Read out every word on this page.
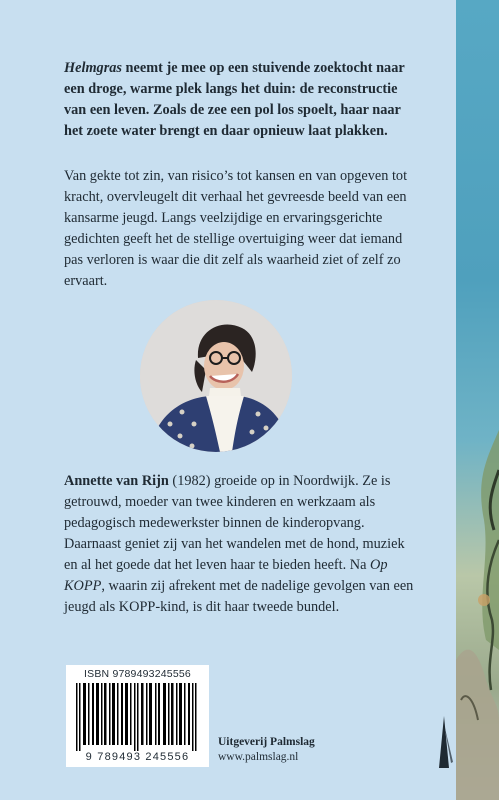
Helmgras neemt je mee op een stuivende zoektocht naar een droge, warme plek langs het duin: de reconstructie van een leven. Zoals de zee een pol los spoelt, haar naar het zoete water brengt en daar opnieuw laat plakken.

Van gekte tot zin, van risico’s tot kansen en van opgeven tot kracht, overvleugelt dit verhaal het gevreesde beeld van een kansarme jeugd. Langs veelzijdige en ervaringsgerichte gedichten geeft het de stellige overtuiging weer dat iemand pas verloren is waar die dit zelf als waarheid ziet of zelf zo ervaart.

Annette van Rijn (1982) groeide op in Noordwijk. Ze is getrouwd, moeder van twee kinderen en werkzaam als pedagogisch medewerkster binnen de kinderopvang. Daarnaast geniet zij van het wandelen met de hond, muziek en al het goede dat het leven haar te bieden heeft. Na Op KOPP, waarin zij afrekent met de nadelige gevolgen van een jeugd als KOPP-kind, is dit haar tweede bundel.

ISBN 9789493245556
9 789493 245556
Uitgeverij Palmslag
www.palmslag.nl
